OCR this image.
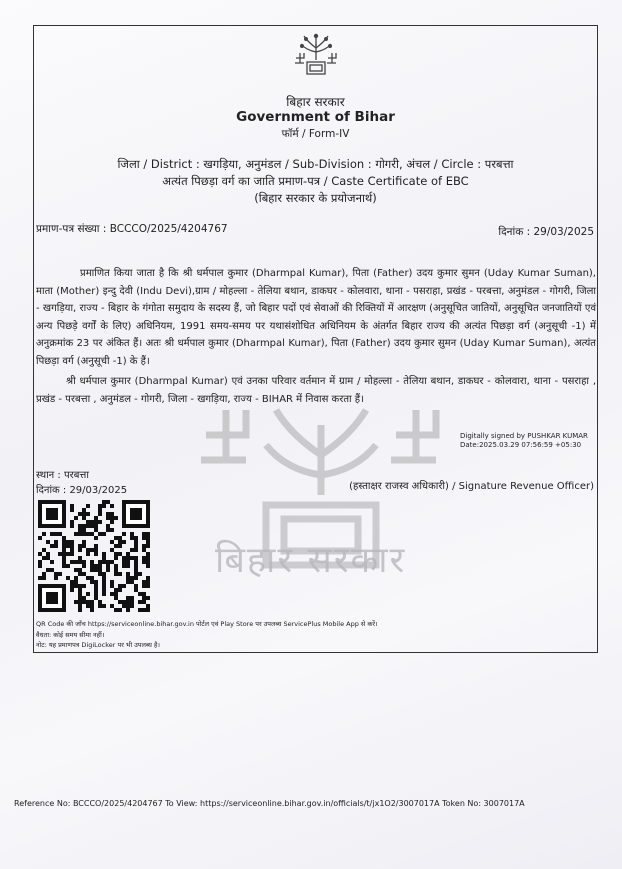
बिहार सरकार
Government of Bihar
फॉर्म / Form-IV
जिला / District : खगड़िया, अनुमंडल / Sub-Division : गोगरी, अंचल / Circle : परबत्ता
अत्यंत पिछड़ा वर्ग का जाति प्रमाण-पत्र / Caste Certificate of EBC
(बिहार सरकार के प्रयोजनार्थ)
प्रमाण-पत्र संख्या : BCCCO/2025/4204767	दिनांक : 29/03/2025
प्रमाणित किया जाता है कि श्री धर्मपाल कुमार (Dharmpal Kumar), पिता (Father) उदय कुमार सुमन (Uday Kumar Suman), माता (Mother) इन्दु देवी (Indu Devi),ग्राम / मोहल्ला - तेलिया बथान, डाकघर - कोलवारा, थाना - पसराहा, प्रखंड - परबत्ता, अनुमंडल - गोगरी, जिला - खगड़िया, राज्य - बिहार के गंगोता समुदाय के सदस्य हैं, जो बिहार पदों एवं सेवाओं की रिक्तियों में आरक्षण (अनुसूचित जातियों, अनुसूचित जनजातियों एवं अन्य पिछड़े वर्गों के लिए) अधिनियम, 1991 समय-समय पर यथासंशोधित अधिनियम के अंतर्गत बिहार राज्य की अत्यंत पिछड़ा वर्ग (अनुसूची -1) में अनुक्रमांक 23 पर अंकित हैं। अतः श्री धर्मपाल कुमार (Dharmpal Kumar), पिता (Father) उदय कुमार सुमन (Uday Kumar Suman), अत्यंत पिछड़ा वर्ग (अनुसूची -1) के हैं।
श्री धर्मपाल कुमार (Dharmpal Kumar) एवं उनका परिवार वर्तमान में ग्राम / मोहल्ला - तेलिया बथान, डाकघर - कोलवारा, थाना - पसराहा , प्रखंड - परबत्ता , अनुमंडल - गोगरी, जिला - खगड़िया, राज्य - BIHAR में निवास करता हैं।
बिहार सरकार
Digitally signed by PUSHKAR KUMAR
Date:2025.03.29 07:56:59 +05:30
स्थान : परबत्ता
दिनांक : 29/03/2025	(हस्ताक्षर राजस्व अधिकारी) / Signature Revenue Officer)
QR Code की जाँच https://serviceonline.bihar.gov.in पोर्टल एवं Play Store पर उपलब्ध ServicePlus Mobile App से करें।
वैधता: कोई समय सीमा नहीं।
नोट: यह प्रमाणपत्र DigiLocker पर भी उपलब्ध है।
Reference No: BCCCO/2025/4204767 To View: https://serviceonline.bihar.gov.in/officials/t/jx1O2/3007017A Token No: 3007017A
